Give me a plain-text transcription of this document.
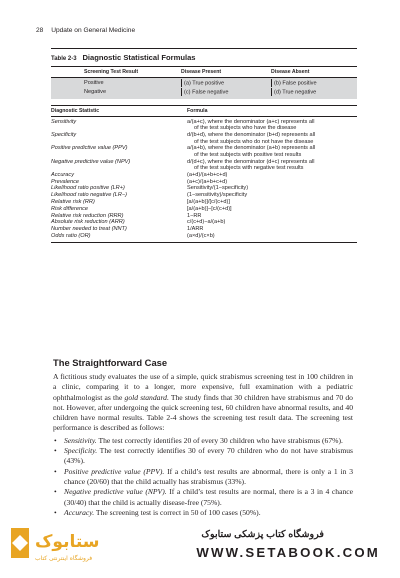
28 Update on General Medicine
Table 2-3 Diagnostic Statistical Formulas
Screening Test Result	Disease Present	Disease Absent
Positive	(a) True positive	(b) False positive
Negative	(c) False negative	(d) True negative
Diagnostic Statistic	Formula
Sensitivity	a/(a+c), where the denominator (a+c) represents all
of the test subjects who have the disease
Specificity	d/(b+d), where the denominator (b+d) represents all
of the test subjects who do not have the disease
Positive predictive value (PPV)	a/(a+b), where the denominator (a+b) represents all
of the test subjects with positive test results
Negative predictive value (NPV)	d/(d+c), where the denominator (d+c) represents all
of the test subjects with negative test results
Accuracy	(a+d)/(a+b+c+d)
Prevalence	(a+c)/(a+b+c+d)
Likelihood ratio positive (LR+)	Sensitivity/(1−specificity)
Likelihood ratio negative (LR−)	(1−sensitivity)/specificity
Relative risk (RR)	[a/(a+b)]/[c/(c+d)]
Risk difference	[a/(a+b)]−[c/(c+d)]
Relative risk reduction (RRR)	1−RR
Absolute risk reduction (ARR)	c/(c+d)−a/(a+b)
Number needed to treat (NNT)	1/ARR
Odds ratio (OR)	(a×d)/(c×b)
The Straightforward Case

A fictitious study evaluates the use of a simple, quick strabismus screening test in 100 children in a clinic, comparing it to a longer, more expensive, full examination with a pediatric ophthalmologist as the gold standard. The study finds that 30 children have strabismus and 70 do not. However, after undergoing the quick screening test, 60 children have abnormal results, and 40 children have normal results. Table 2-4 shows the screening test result data. The screening test performance is described as follows:

• Sensitivity. The test correctly identifies 20 of every 30 children who have strabismus (67%).
• Specificity. The test correctly identifies 30 of every 70 children who do not have strabismus (43%).
• Positive predictive value (PPV). If a child’s test results are abnormal, there is only a 1 in 3 chance (20/60) that the child actually has strabismus (33%).
• Negative predictive value (NPV). If a child’s test results are normal, there is a 3 in 4 chance (30/40) that the child is actually disease-free (75%).
• Accuracy. The screening test is correct in 50 of 100 cases (50%).
ستابوک
فروشگاه اینترنتی کتاب
فروشگاه کتاب پزشکی ستابوک
WWW.SETABOOK.COM
